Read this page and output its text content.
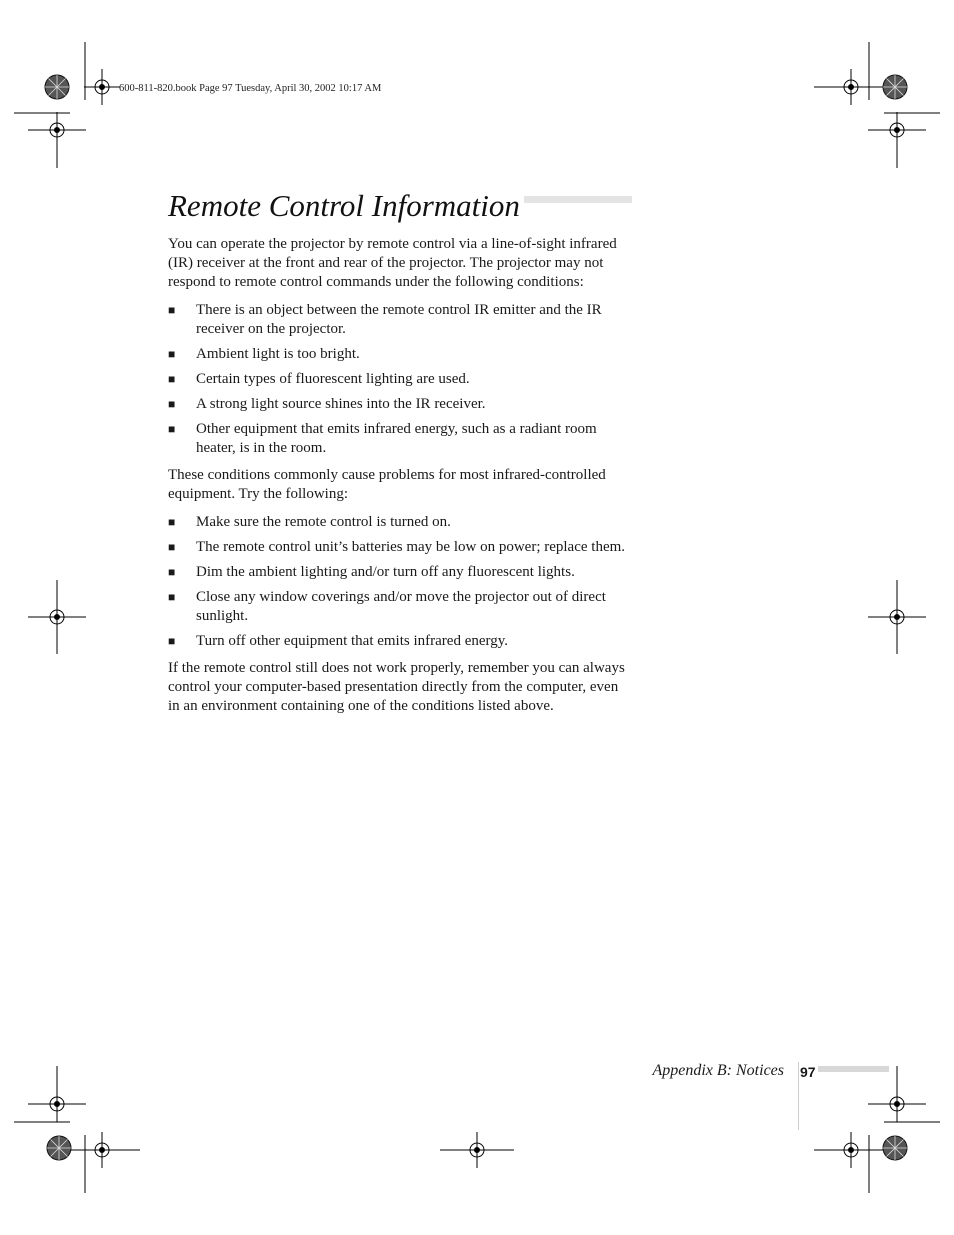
600-811-820.book Page 97 Tuesday, April 30, 2002 10:17 AM
Remote Control Information

You can operate the projector by remote control via a line-of-sight infrared (IR) receiver at the front and rear of the projector. The projector may not respond to remote control commands under the following conditions:

■ There is an object between the remote control IR emitter and the IR receiver on the projector.
■ Ambient light is too bright.
■ Certain types of fluorescent lighting are used.
■ A strong light source shines into the IR receiver.
■ Other equipment that emits infrared energy, such as a radiant room heater, is in the room.

These conditions commonly cause problems for most infrared-controlled equipment. Try the following:

■ Make sure the remote control is turned on.
■ The remote control unit’s batteries may be low on power; replace them.
■ Dim the ambient lighting and/or turn off any fluorescent lights.
■ Close any window coverings and/or move the projector out of direct sunlight.
■ Turn off other equipment that emits infrared energy.

If the remote control still does not work properly, remember you can always control your computer-based presentation directly from the computer, even in an environment containing one of the conditions listed above.

Appendix B: Notices 97
